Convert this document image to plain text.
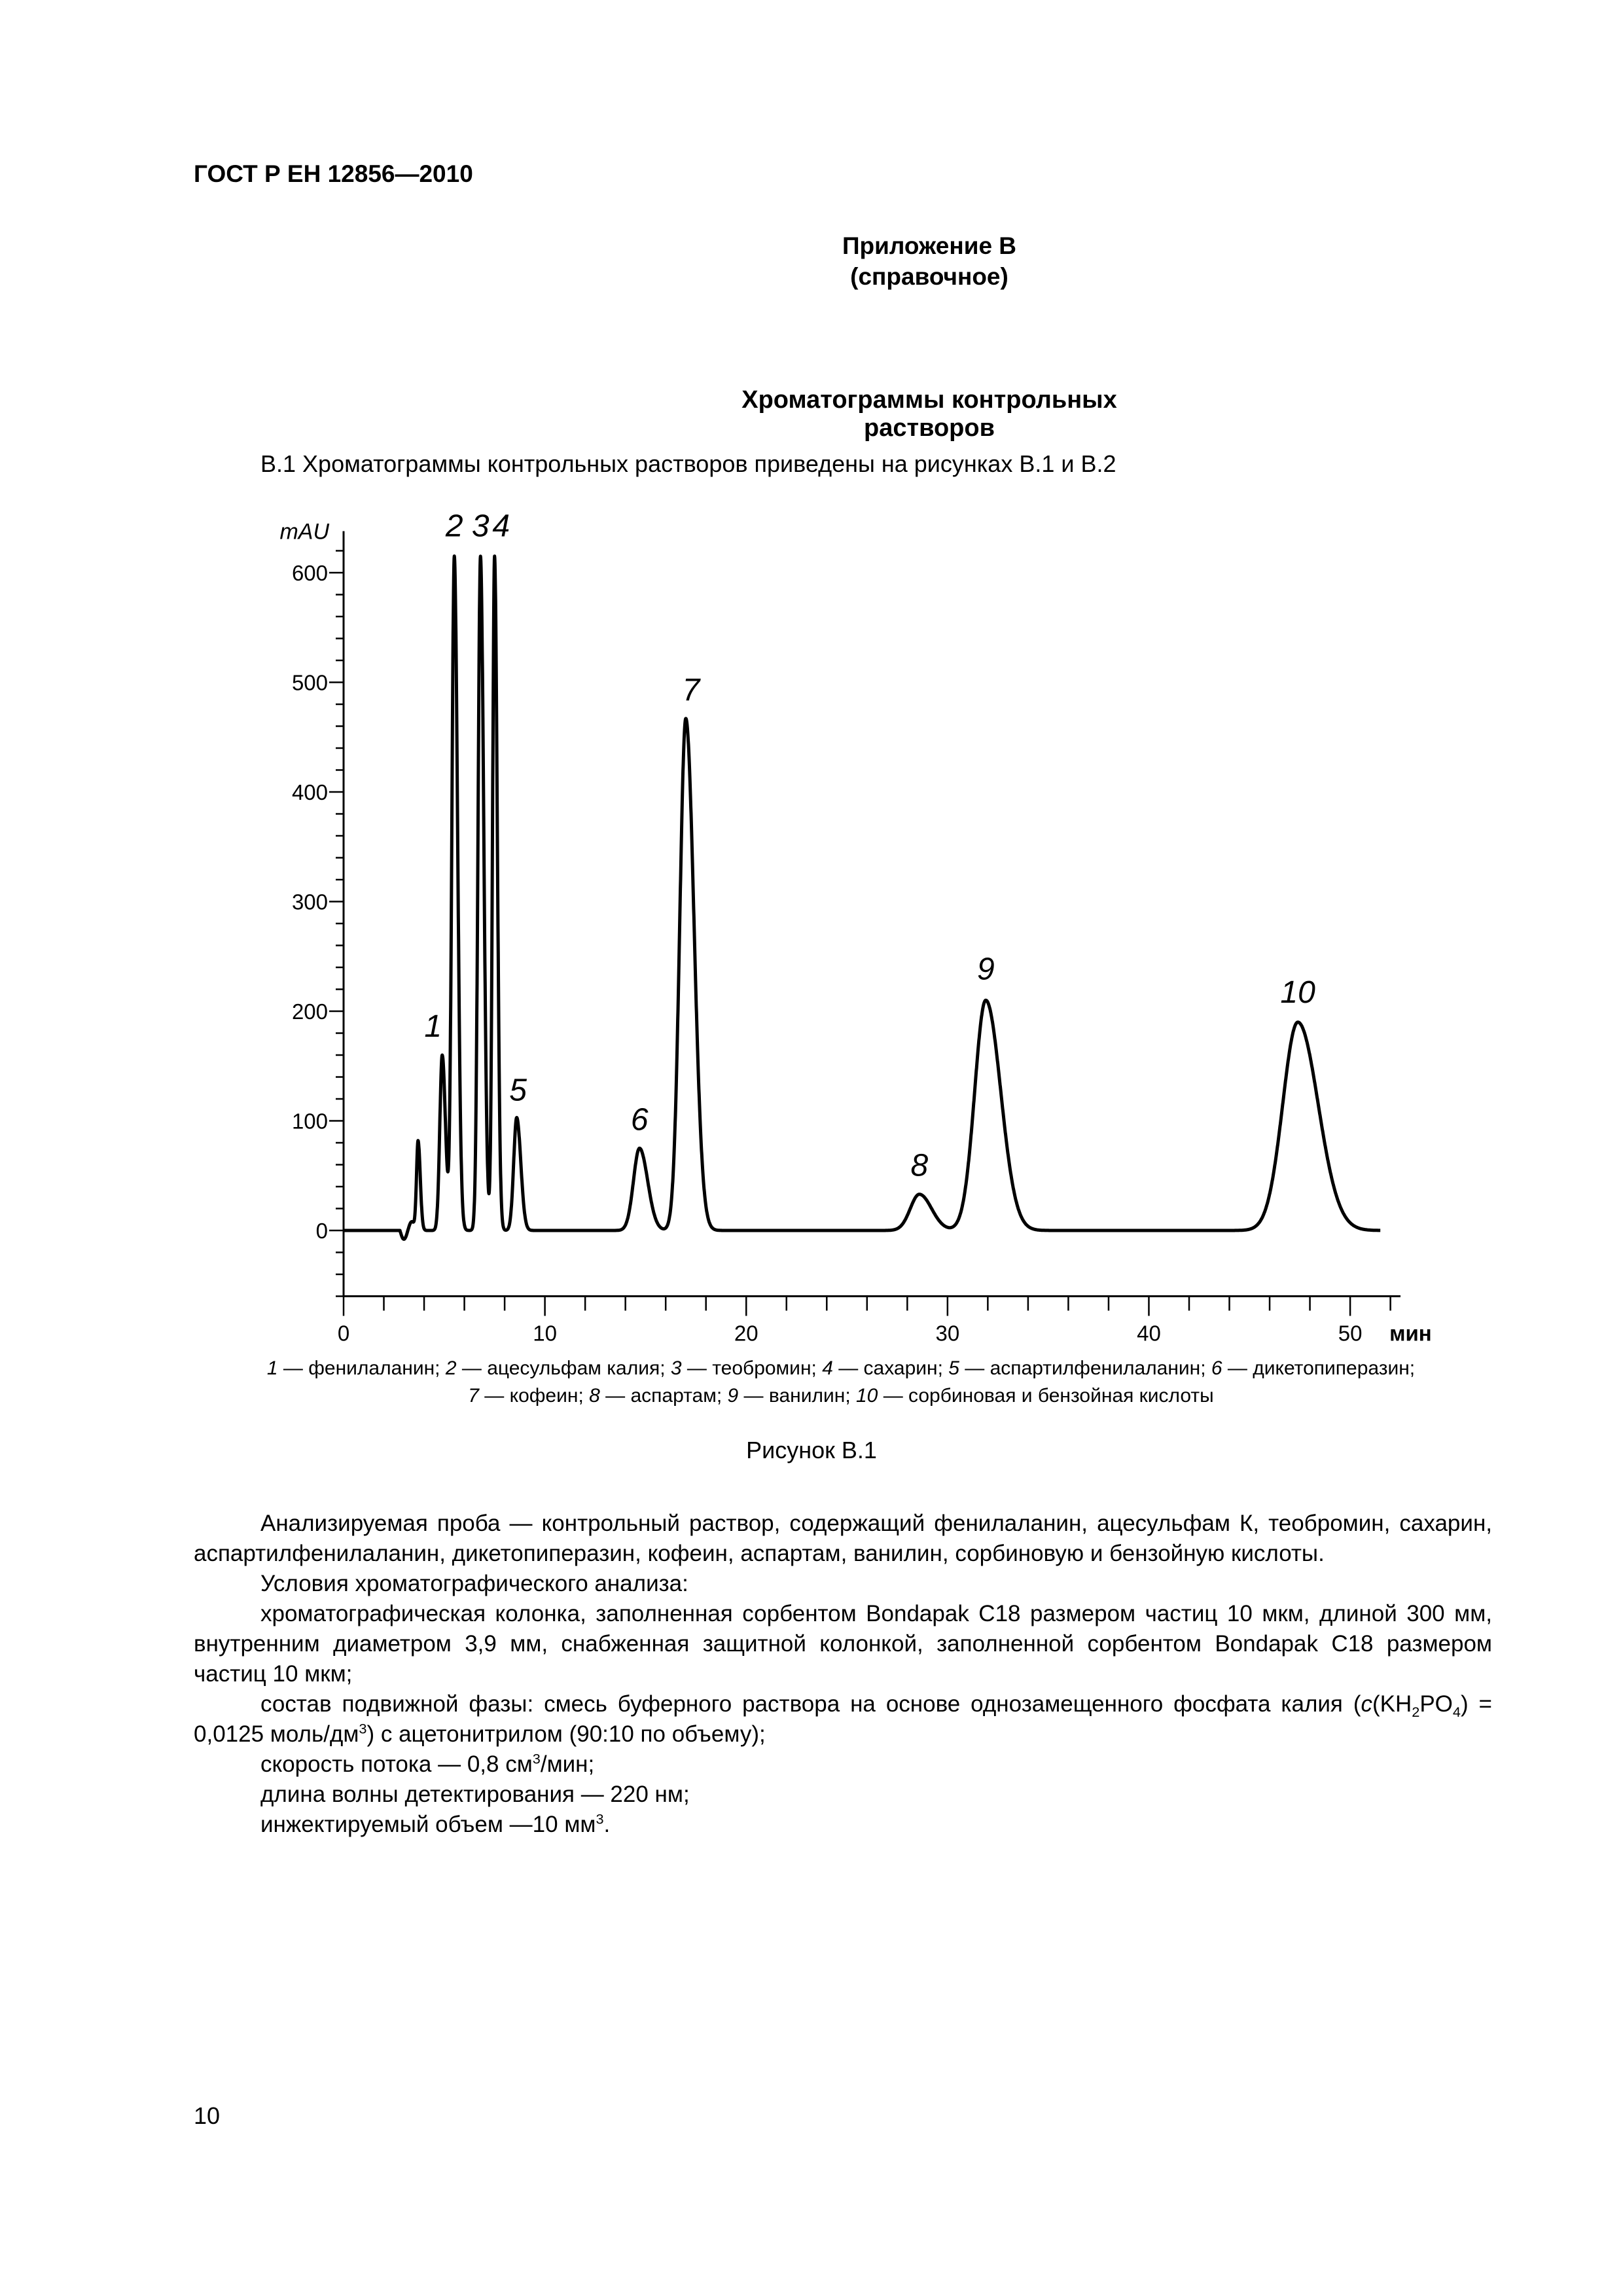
ГОСТ Р ЕН 12856—2010
Приложение В
(справочное)
Хроматограммы контрольных растворов
В.1 Хроматограммы контрольных растворов приведены на рисунках В.1 и В.2
0
100
200
300
400
500
600
mAU
0	10	20	30	40	50 мин
1
2 3 4
5
6
7
8
9
10
1 — фенилаланин; 2 — ацесульфам калия; 3 — теобромин; 4 — сахарин; 5 — аспартилфенилаланин; 6 — дикетопиперазин;
7 — кофеин; 8 — аспартам; 9 — ванилин; 10 — сорбиновая и бензойная кислоты
Рисунок В.1
Анализируемая проба — контрольный раствор, содержащий фенилаланин, ацесульфам К, теобромин, сахарин, аспартилфенилаланин, дикетопиперазин, кофеин, аспартам, ванилин, сорбиновую и бензойную кислоты.
Условия хроматографического анализа:
хроматографическая колонка, заполненная сорбентом Bondapak C18 размером частиц 10 мкм, длиной 300 мм, внутренним диаметром 3,9 мм, снабженная защитной колонкой, заполненной сорбентом Bondapak C18 размером частиц 10 мкм;
состав подвижной фазы: смесь буферного раствора на основе однозамещенного фосфата калия ($c(KH_2PO_4) = 0,0125$ моль/$дм^3$) с ацетонитрилом (90:10 по объему);
скорость потока — 0,8 $см^3$/мин;
длина волны детектирования — 220 нм;
инжектируемый объем —10 $мм^3$.
10
